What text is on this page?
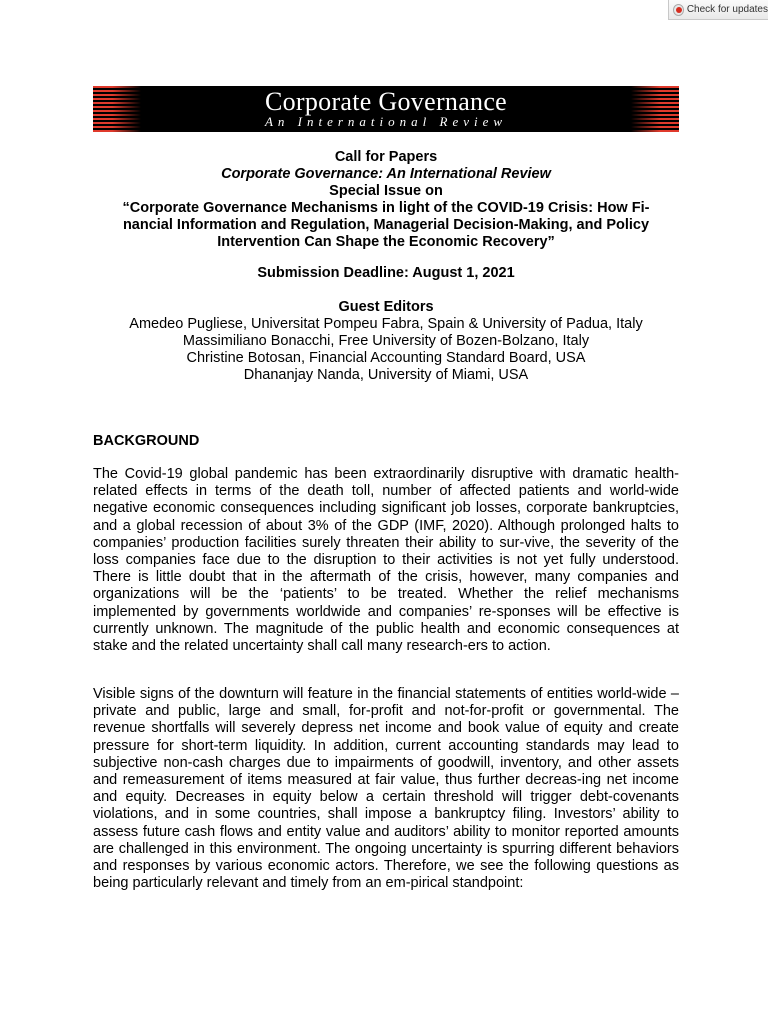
Check for updates
Corporate Governance
An International Review
Call for Papers
Corporate Governance: An International Review
Special Issue on
“Corporate Governance Mechanisms in light of the COVID-19 Crisis: How Fi-
nancial Information and Regulation, Managerial Decision-Making, and Policy
Intervention Can Shape the Economic Recovery”
Submission Deadline: August 1, 2021
Guest Editors
Amedeo Pugliese, Universitat Pompeu Fabra, Spain & University of Padua, Italy
Massimiliano Bonacchi, Free University of Bozen-Bolzano, Italy
Christine Botosan, Financial Accounting Standard Board, USA
Dhananjay Nanda, University of Miami, USA
BACKGROUND
The Covid-19 global pandemic has been extraordinarily disruptive with dramatic health-related effects in terms of the death toll, number of affected patients and world-wide negative economic consequences including significant job losses, corporate bankruptcies, and a global recession of about 3% of the GDP (IMF, 2020). Although prolonged halts to companies’ production facilities surely threaten their ability to sur-vive, the severity of the loss companies face due to the disruption to their activities is not yet fully understood. There is little doubt that in the aftermath of the crisis, however, many companies and organizations will be the ‘patients’ to be treated. Whether the relief mechanisms implemented by governments worldwide and companies’ re-sponses will be effective is currently unknown. The magnitude of the public health and economic consequences at stake and the related uncertainty shall call many research-ers to action.
Visible signs of the downturn will feature in the financial statements of entities world-wide – private and public, large and small, for-profit and not-for-profit or governmental. The revenue shortfalls will severely depress net income and book value of equity and create pressure for short-term liquidity. In addition, current accounting standards may lead to subjective non-cash charges due to impairments of goodwill, inventory, and other assets and remeasurement of items measured at fair value, thus further decreas-ing net income and equity. Decreases in equity below a certain threshold will trigger debt-covenants violations, and in some countries, shall impose a bankruptcy filing. Investors’ ability to assess future cash flows and entity value and auditors’ ability to monitor reported amounts are challenged in this environment. The ongoing uncertainty is spurring different behaviors and responses by various economic actors. Therefore, we see the following questions as being particularly relevant and timely from an em-pirical standpoint:
